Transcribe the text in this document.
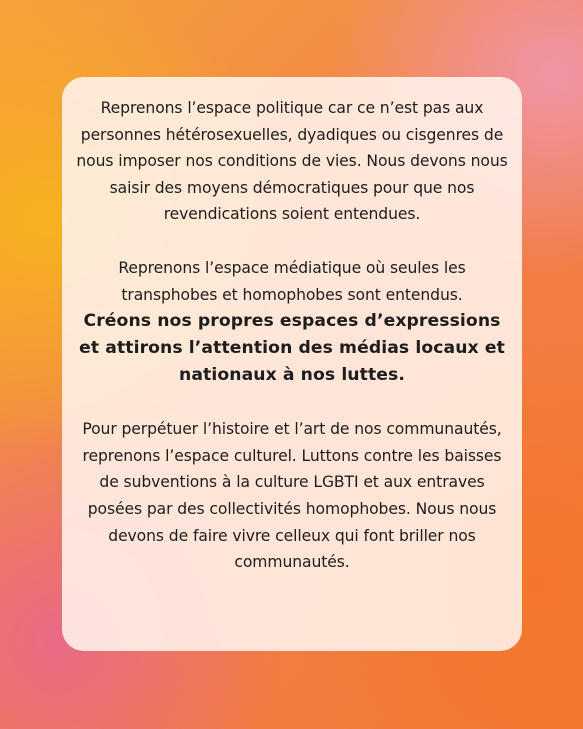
Reprenons l’espace politique car ce n’est pas aux personnes hétérosexuelles, dyadiques ou cisgenres de nous imposer nos conditions de vies. Nous devons nous saisir des moyens démocratiques pour que nos revendications soient entendues.

Reprenons l’espace médiatique où seules les transphobes et homophobes sont entendus.

Créons nos propres espaces d’expressions et attirons l’attention des médias locaux et nationaux à nos luttes.

Pour perpétuer l’histoire et l’art de nos communautés, reprenons l’espace culturel. Luttons contre les baisses de subventions à la culture LGBTI et aux entraves posées par des collectivités homophobes. Nous nous devons de faire vivre celleux qui font briller nos communautés.
